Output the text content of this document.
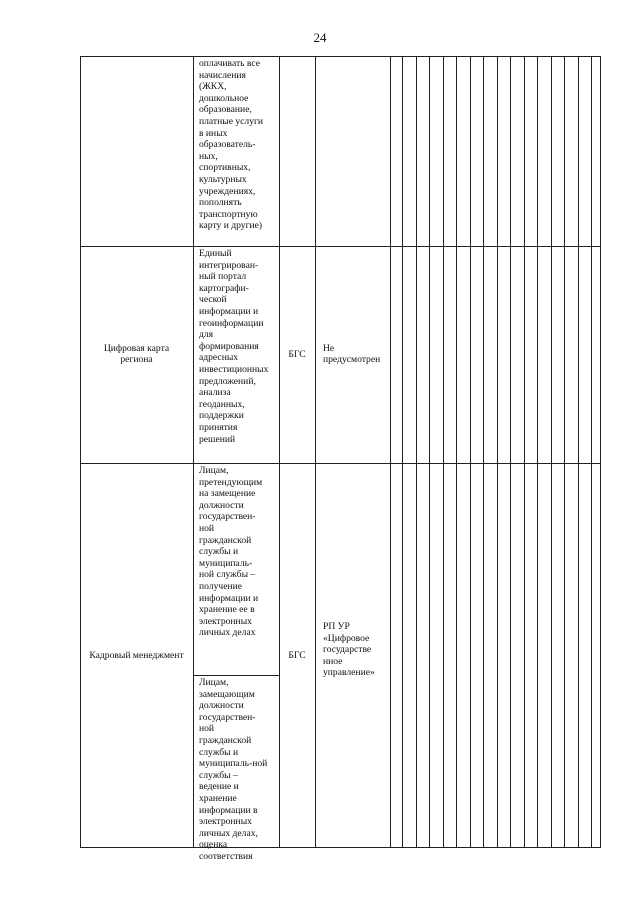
24
оплачивать все
начисления
(ЖКХ,
дошкольное
образование,
платные услуги
в иных
образователь-
ных,
спортивных,
культурных
учреждениях,
пополнять
транспортную
карту и другие)
Цифровая карта
региона
Единый
интегрирован-
ный портал
картографи-
ческой
информации и
геоинформации
для
формирования
адресных
инвестиционных
предложений,
анализа
геоданных,
поддержки
принятия
решений
БГС
Не
предусмотрен
Кадровый менеджмент
Лицам,
претендующим
на замещение
должности
государствен-
ной
гражданской
службы и
муниципаль-
ной службы –
получение
информации и
хранение ее в
электронных
личных делах
Лицам,
замещающим
должности
государствен-
ной
гражданской
службы и
муниципаль-ной
службы –
ведение и
хранение
информации в
электронных
личных делах,
оценка
соответствия
БГС
РП УР
«Цифровое
государстве
нное
управление»
